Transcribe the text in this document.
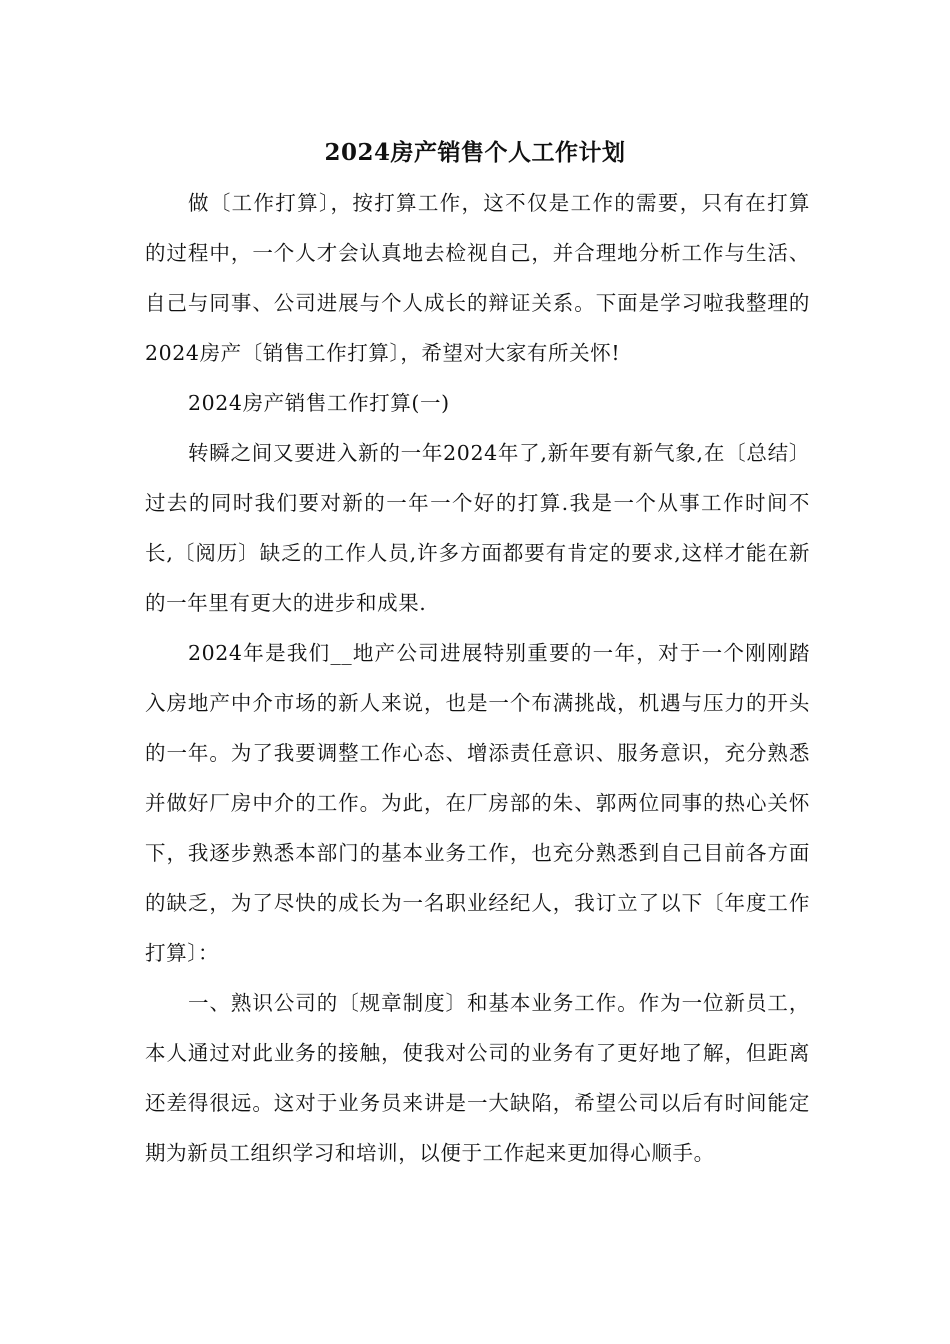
2024房产销售个人工作计划

做〔工作打算〕，按打算工作，这不仅是工作的需要，只有在打算的过程中，一个人才会认真地去检视自己，并合理地分析工作与生活、自己与同事、公司进展与个人成长的辩证关系。下面是学习啦我整理的2024房产〔销售工作打算〕，希望对大家有所关怀!

2024房产销售工作打算(一)

转瞬之间又要进入新的一年2024年了,新年要有新气象,在〔总结〕过去的同时我们要对新的一年一个好的打算.我是一个从事工作时间不长,〔阅历〕缺乏的工作人员,许多方面都要有肯定的要求,这样才能在新的一年里有更大的进步和成果.

2024年是我们__地产公司进展特别重要的一年，对于一个刚刚踏入房地产中介市场的新人来说，也是一个布满挑战，机遇与压力的开头的一年。为了我要调整工作心态、增添责任意识、服务意识，充分熟悉并做好厂房中介的工作。为此，在厂房部的朱、郭两位同事的热心关怀下，我逐步熟悉本部门的基本业务工作，也充分熟悉到自己目前各方面的缺乏，为了尽快的成长为一名职业经纪人，我订立了以下〔年度工作打算〕：

一、熟识公司的〔规章制度〕和基本业务工作。作为一位新员工，本人通过对此业务的接触，使我对公司的业务有了更好地了解，但距离还差得很远。这对于业务员来讲是一大缺陷，希望公司以后有时间能定期为新员工组织学习和培训，以便于工作起来更加得心顺手。
